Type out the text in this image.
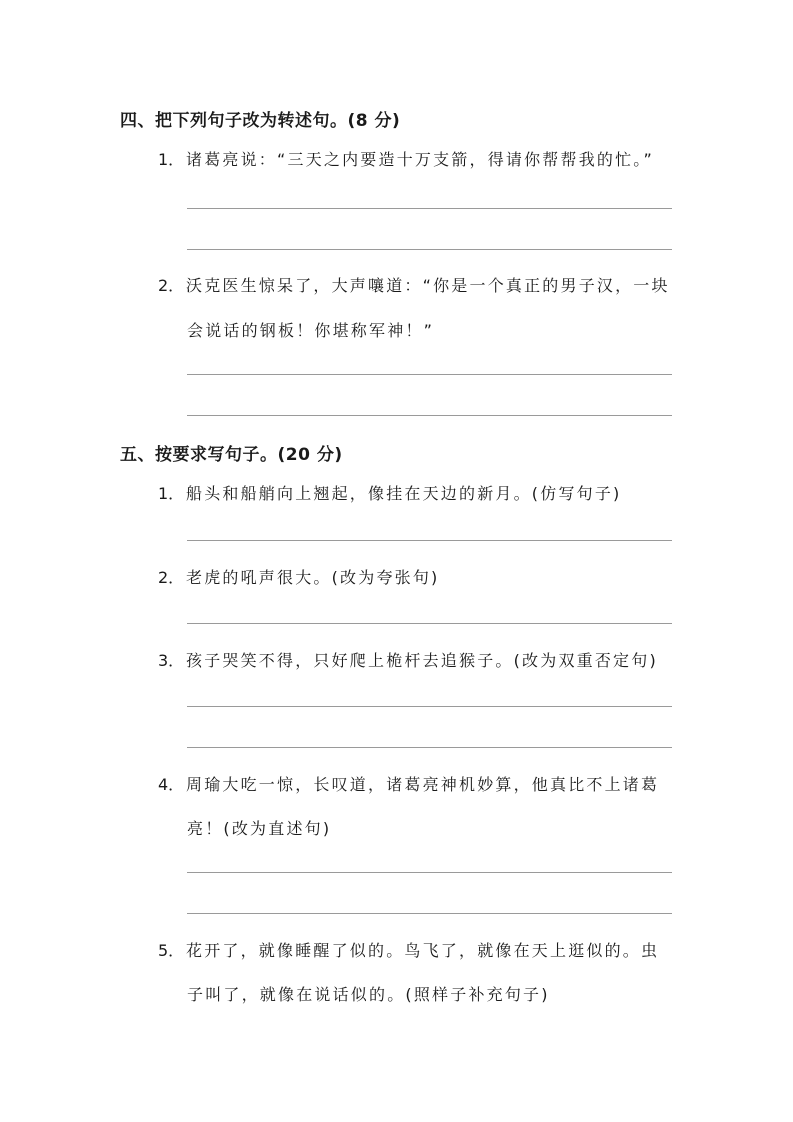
四、把下列句子改为转述句。(8 分)
1． 诸葛亮说：“三天之内要造十万支箭，得请你帮帮我的忙。”
2． 沃克医生惊呆了，大声嚷道：“你是一个真正的男子汉，一块
会说话的钢板！你堪称军神！”
五、按要求写句子。(20 分)
1． 船头和船艄向上翘起，像挂在天边的新月。(仿写句子)
2． 老虎的吼声很大。(改为夸张句)
3． 孩子哭笑不得，只好爬上桅杆去追猴子。(改为双重否定句)
4． 周瑜大吃一惊，长叹道，诸葛亮神机妙算，他真比不上诸葛
亮！(改为直述句)
5． 花开了，就像睡醒了似的。鸟飞了，就像在天上逛似的。虫
子叫了，就像在说话似的。(照样子补充句子)
